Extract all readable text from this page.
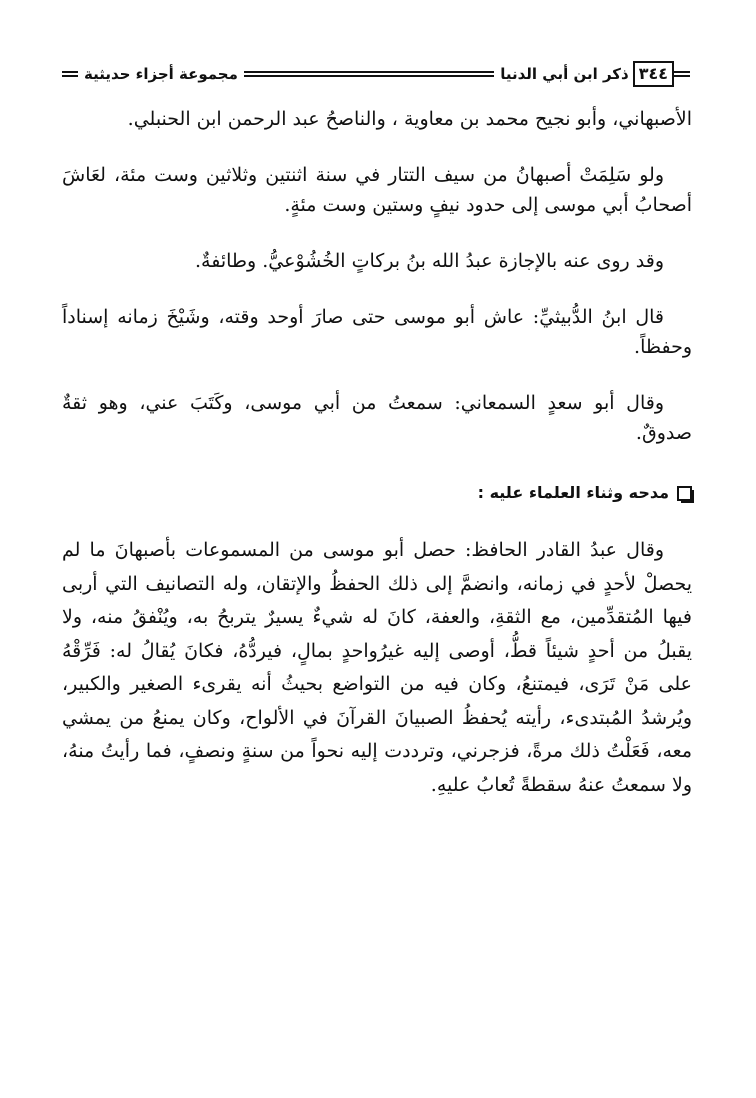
٣٤٤
ذكر ابن أبي الدنيا
مجموعة أجزاء حديثية

الأصبهاني، وأبو نجيح محمد بن معاوية ، والناصحُ عبد الرحمن ابن الحنبلي.

ولو سَلِمَتْ أصبهانُ من سيف التتار في سنة اثنتين وثلاثين وست مئة، لعَاشَ أصحابُ أبي موسى إلى حدود نيفٍ وستين وست مئةٍ.

وقد روى عنه بالإجازة عبدُ الله بنُ بركاتٍ الخُشُوْعيُّ. وطائفةٌ.

قال ابنُ الدُّبيثيِّ: عاش أبو موسى حتى صارَ أوحد وقته، وشَيْخَ زمانه إسناداً وحفظاً.

وقال أبو سعدٍ السمعاني: سمعتُ من أبي موسى، وكَتَبَ عني، وهو ثقةٌ صدوقٌ.

مدحه وثناء العلماء عليه :

وقال عبدُ القادر الحافظ: حصل أبو موسى من المسموعات بأصبهانَ ما لم يحصلْ لأحدٍ في زمانه، وانضمَّ إلى ذلك الحفظُ والإتقان، وله التصانيف التي أربى فيها المُتقدِّمين، مع الثقةِ، والعفة، كانَ له شيءٌ يسيرٌ يتربحُ به، ويُنْفقُ منه، ولا يقبلُ من أحدٍ شيئاً قطُّ، أوصى إليه غيرُواحدٍ بمالٍ، فيردُّهُ، فكانَ يُقالُ له: فَرِّقْهُ على مَنْ تَرَى، فيمتنعُ، وكان فيه من التواضع بحيثُ أنه يقرىء الصغير والكبير، ويُرشدُ المُبتدىء، رأيته يُحفظُ الصبيانَ القرآنَ في الألواح، وكان يمنعُ من يمشي معه، فَعَلْتُ ذلك مرةً، فزجرني، وترددت إليه نحواً من سنةٍ ونصفٍ، فما رأيتُ منهُ، ولا سمعتُ عنهُ سقطةً تُعابُ عليهِ.
